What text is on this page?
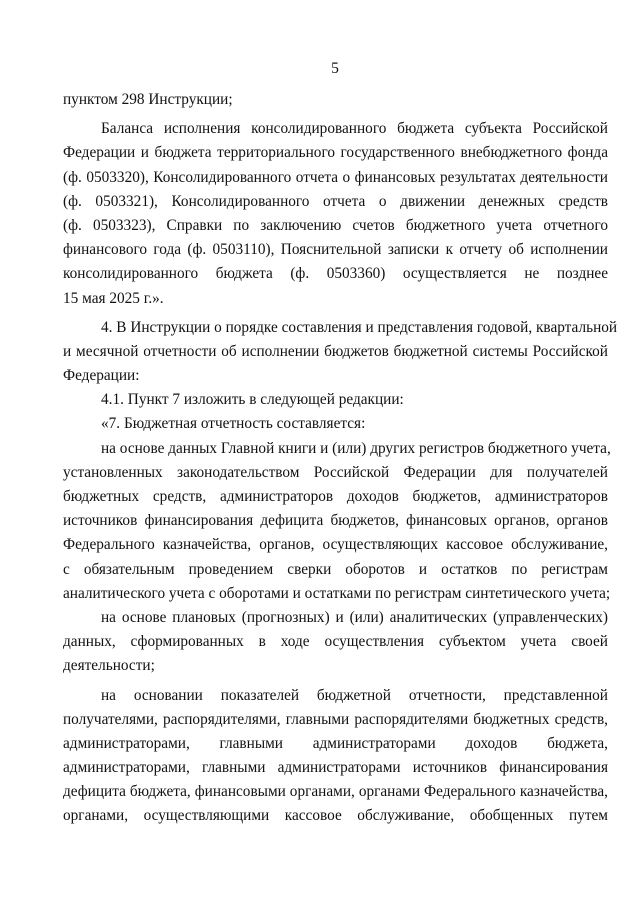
5
пунктом 298 Инструкции;
Баланса исполнения консолидированного бюджета субъекта Российской
Федерации и бюджета территориального государственного внебюджетного фонда
(ф. 0503320), Консолидированного отчета о финансовых результатах деятельности
(ф. 0503321), Консолидированного отчета о движении денежных средств
(ф. 0503323), Справки по заключению счетов бюджетного учета отчетного
финансового года (ф. 0503110), Пояснительной записки к отчету об исполнении
консолидированного бюджета (ф. 0503360) осуществляется не позднее
15 мая 2025 г.».
4. В Инструкции о порядке составления и представления годовой, квартальной
и месячной отчетности об исполнении бюджетов бюджетной системы Российской
Федерации:
4.1. Пункт 7 изложить в следующей редакции:
«7. Бюджетная отчетность составляется:
на основе данных Главной книги и (или) других регистров бюджетного учета,
установленных законодательством Российской Федерации для получателей
бюджетных средств, администраторов доходов бюджетов, администраторов
источников финансирования дефицита бюджетов, финансовых органов, органов
Федерального казначейства, органов, осуществляющих кассовое обслуживание,
с обязательным проведением сверки оборотов и остатков по регистрам
аналитического учета с оборотами и остатками по регистрам синтетического учета;
на основе плановых (прогнозных) и (или) аналитических (управленческих)
данных, сформированных в ходе осуществления субъектом учета своей
деятельности;
на основании показателей бюджетной отчетности, представленной
получателями, распорядителями, главными распорядителями бюджетных средств,
администраторами, главными администраторами доходов бюджета,
администраторами, главными администраторами источников финансирования
дефицита бюджета, финансовыми органами, органами Федерального казначейства,
органами, осуществляющими кассовое обслуживание, обобщенных путем
